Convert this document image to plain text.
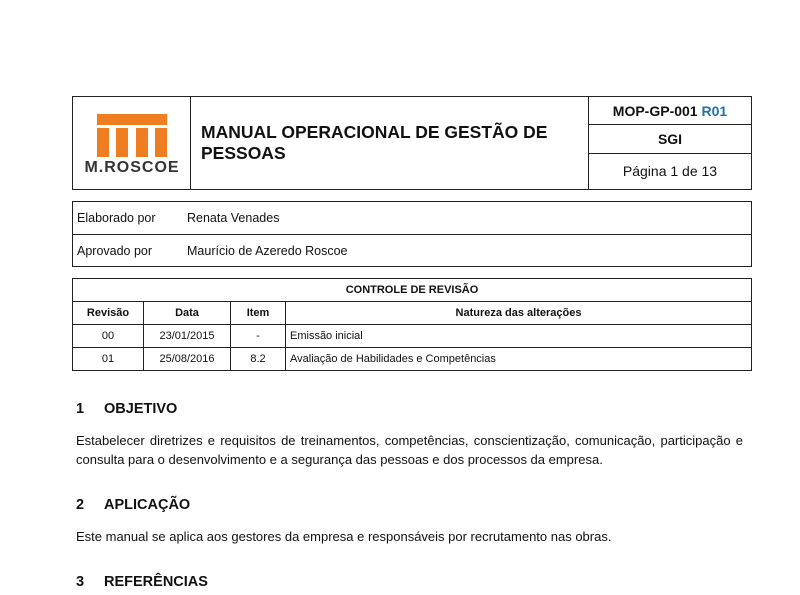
M.ROSCOE
MANUAL OPERACIONAL DE GESTÃO DE PESSOAS
MOP-GP-001
R01
SGI
Página 1 de 13
Elaborado por	Renata Venades
Aprovado por	Maurício de Azeredo Roscoe
CONTROLE DE REVISÃO			
Revisão	Data	Item	Natureza das alterações
00	23/01/2015	-	Emissão inicial
01	25/08/2016	8.2	Avaliação de Habilidades e Competências
1	OBJETIVO
Estabelecer diretrizes e requisitos de treinamentos, competências, conscientização, comunicação, participação e consulta para o desenvolvimento e a segurança das pessoas e dos processos da empresa.
2	APLICAÇÃO
Este manual se aplica aos gestores da empresa e responsáveis por recrutamento nas obras.
3	REFERÊNCIAS
